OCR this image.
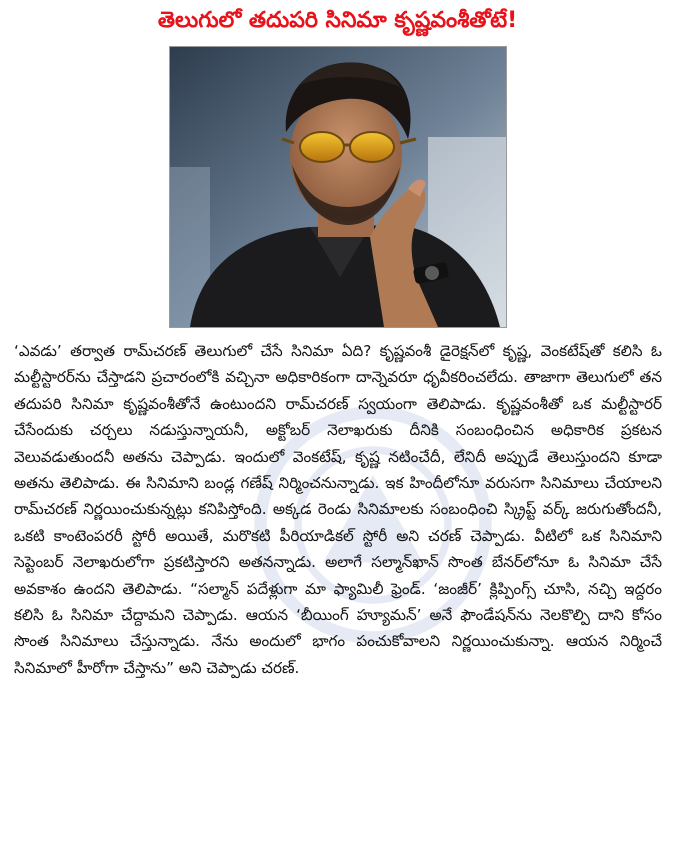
తెలుగులో తదుపరి సినిమా కృష్ణవంశీతోటే!

‘ఎవడు’ తర్వాత రామ్‌చరణ్ తెలుగులో చేసే సినిమా ఏది? కృష్ణవంశీ డైరెక్షన్‌లో కృష్ణ, వెంకటేష్‌తో కలిసి ఓ మల్టీస్టారర్‌ను చేస్తాడని ప్రచారంలోకి వచ్చినా అధికారికంగా దాన్నెవరూ ధృవీకరించలేదు. తాజాగా తెలుగులో తన తదుపరి సినిమా కృష్ణవంశీతోనే ఉంటుందని రామ్‌చరణ్ స్వయంగా తెలిపాడు. కృష్ణవంశీతో ఒక మల్టీస్టారర్ చేసేందుకు చర్చలు నడుస్తున్నాయనీ, అక్టోబర్ నెలాఖరుకు దీనికి సంబంధించిన అధికారిక ప్రకటన వెలువడుతుందనీ అతను చెప్పాడు. ఇందులో వెంకటేష్, కృష్ణ నటించేదీ, లేనిదీ అప్పుడే తెలుస్తుందని కూడా అతను తెలిపాడు. ఈ సినిమాని బండ్ల గణేష్ నిర్మించనున్నాడు. ఇక హిందీలోనూ వరుసగా సినిమాలు చేయాలని రామ్‌చరణ్ నిర్ణయించుకున్నట్లు కనిపిస్తోంది. అక్కడ రెండు సినిమాలకు సంబంధించి స్క్రిప్ట్ వర్క్ జరుగుతోందనీ, ఒకటి కాంటెంపరరీ స్టోరీ అయితే, మరొకటి పీరియాడికల్ స్టోరీ అని చరణ్ చెప్పాడు. వీటిలో ఒక సినిమాని సెప్టెంబర్ నెలాఖరులోగా ప్రకటిస్తారని అతనన్నాడు. అలాగే సల్మాన్‌ఖాన్ సొంత బేనర్‌లోనూ ఓ సినిమా చేసే అవకాశం ఉందని తెలిపాడు. “సల్మాన్ పదేళ్లుగా మా ఫ్యామిలీ ఫ్రెండ్. ‘జంజీర్’ క్లిప్పింగ్స్ చూసి, నచ్చి ఇద్దరం కలిసి ఓ సినిమా చేద్దామని చెప్పాడు. ఆయన ‘బీయింగ్ హ్యూమన్’ అనే ఫౌండేషన్‌ను నెలకొల్పి దాని కోసం సొంత సినిమాలు చేస్తున్నాడు. నేను అందులో భాగం పంచుకోవాలని నిర్ణయించుకున్నా. ఆయన నిర్మించే సినిమాలో హీరోగా చేస్తాను” అని చెప్పాడు చరణ్.
